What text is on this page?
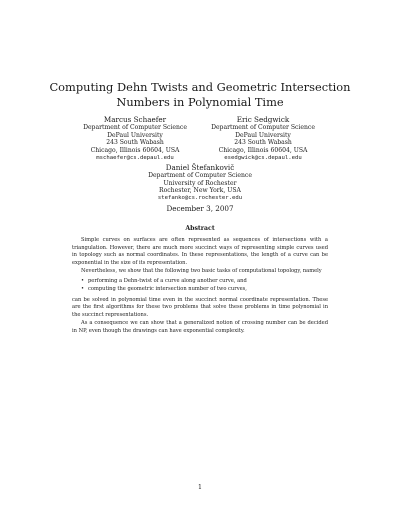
Computing Dehn Twists and Geometric Intersection Numbers in Polynomial Time
Marcus Schaefer
Department of Computer Science
DePaul University
243 South Wabash
Chicago, Illinois 60604, USA
mschaefer@cs.depaul.edu
Eric Sedgwick
Department of Computer Science
DePaul University
243 South Wabash
Chicago, Illinois 60604, USA
esedgwick@cs.depaul.edu
Daniel Štefankovič
Department of Computer Science
University of Rochester
Rochester, New York, USA
stefanko@cs.rochester.edu
December 3, 2007
Abstract

Simple curves on surfaces are often represented as sequences of intersections with a triangulation. However, there are much more succinct ways of representing simple curves used in topology such as normal coordinates. In these representations, the length of a curve can be exponential in the size of its representation.

Nevertheless, we show that the following two basic tasks of computational topology, namely

• performing a Dehn-twist of a curve along another curve, and
• computing the geometric intersection number of two curves,

can be solved in polynomial time even in the succinct normal coordinate representation. These are the first algorithms for these two problems that solve these problems in time polynomial in the succinct representations.

As a consequence we can show that a generalized notion of crossing number can be decided in NP, even though the drawings can have exponential complexity.

1
